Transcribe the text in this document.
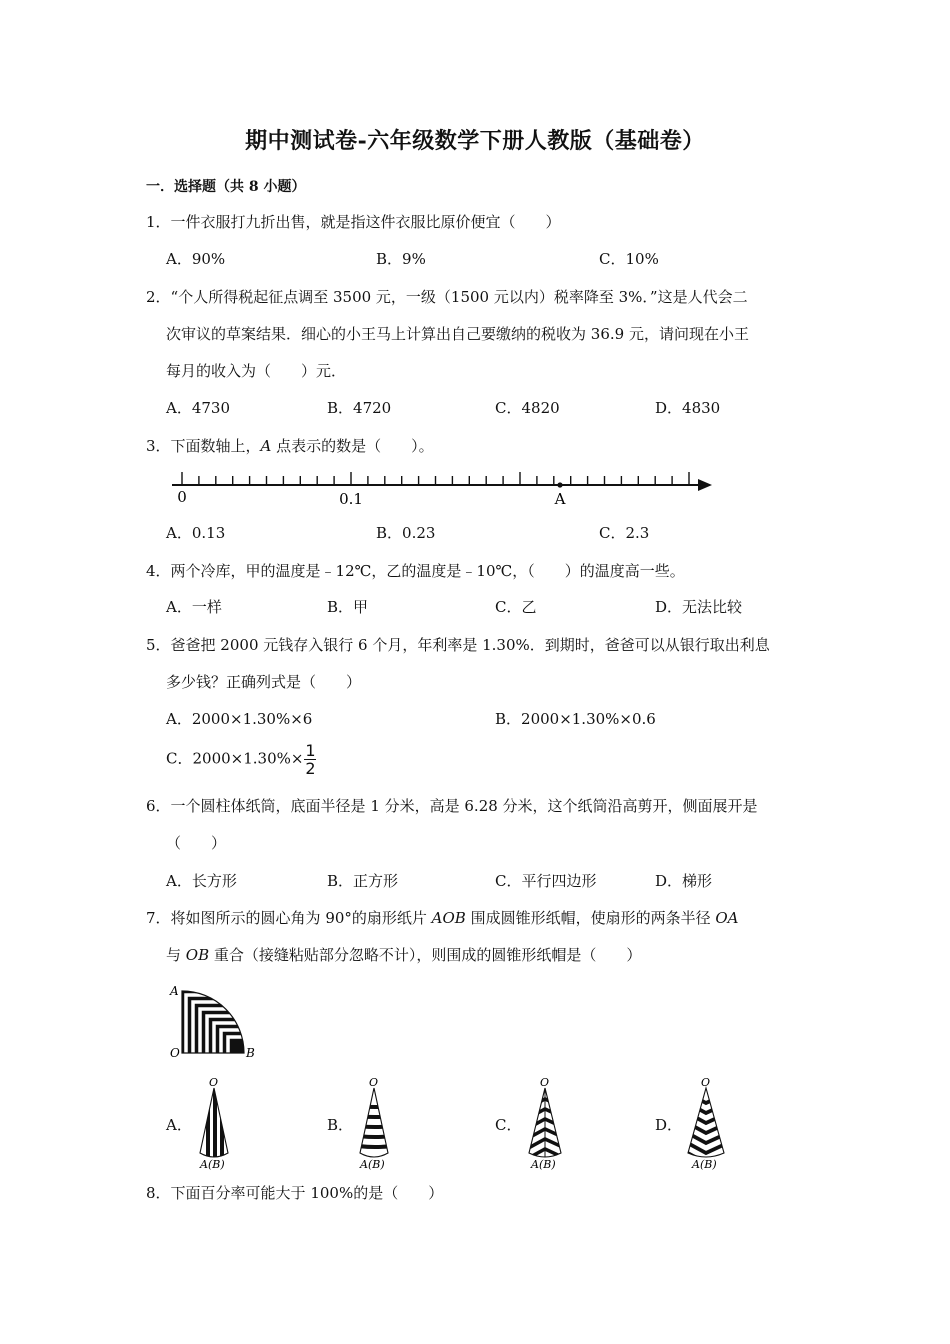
期中测试卷-六年级数学下册人教版（基础卷）
一．选择题（共 8 小题）
1．一件衣服打九折出售，就是指这件衣服比原价便宜（　　）
A．90%	B．9%	C．10%
2．“个人所得税起征点调至 3500 元，一级（1500 元以内）税率降至 3%．”这是人代会二
次审议的草案结果．细心的小王马上计算出自己要缴纳的税收为 36.9 元，请问现在小王
每月的收入为（　　）元．
A．4730	B．4720	C．4820	D．4830
3．下面数轴上，A 点表示的数是（　　）。
0	0.1	A
A．0.13	B．0.23	C．2.3
4．两个冷库，甲的温度是﹣12℃，乙的温度是﹣10℃，（　　）的温度高一些。
A．一样	B．甲	C．乙	D．无法比较
5．爸爸把 2000 元钱存入银行 6 个月，年利率是 1.30%．到期时，爸爸可以从银行取出利息
多少钱？正确列式是（　　）
A．2000×1.30%×6	B．2000×1.30%×0.6
C．$2000\times 1.30\%\times \frac{1}{2}$
6．一个圆柱体纸筒，底面半径是 1 分米，高是 6.28 分米，这个纸筒沿高剪开，侧面展开是
（　　）
A．长方形	B．正方形	C．平行四边形	D．梯形
7．将如图所示的圆心角为 90°的扇形纸片 AOB 围成圆锥形纸帽，使扇形的两条半径 OA
与 OB 重合（接缝粘贴部分忽略不计），则围成的圆锥形纸帽是（　　）
A
O	B
A．
O
A(B)
B．
O
A(B)
C．
O
A(B)
D．
O
A(B)
8．下面百分率可能大于 100%的是（　　）
